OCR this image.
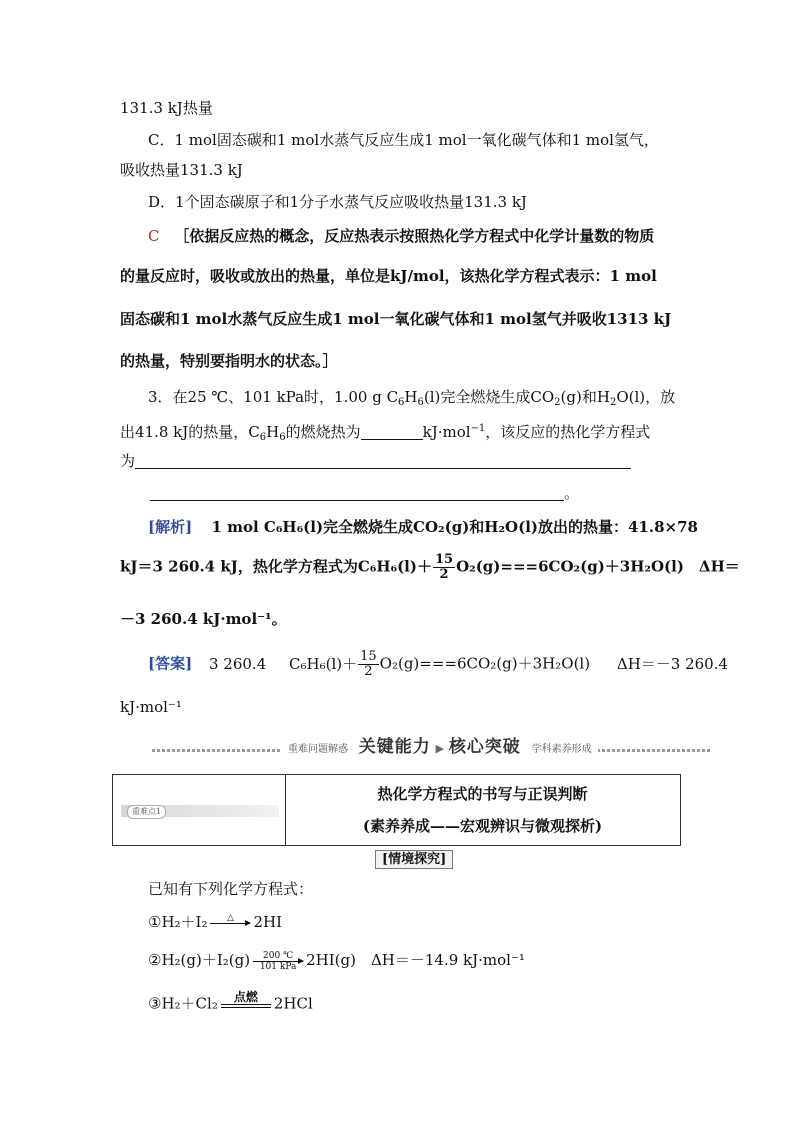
131.3 kJ热量
C．1 mol固态碳和1 mol水蒸气反应生成1 mol一氧化碳气体和1 mol氢气，
吸收热量131.3 kJ
D．1个固态碳原子和1分子水蒸气反应吸收热量131.3 kJ
C ［依据反应热的概念，反应热表示按照热化学方程式中化学计量数的物质
的量反应时，吸收或放出的热量，单位是kJ/mol，该热化学方程式表示：1 mol
固态碳和1 mol水蒸气反应生成1 mol一氧化碳气体和1 mol氢气并吸收1313 kJ
的热量，特别要指明水的状态。］
3．在25 ℃、101 kPa时，1.00 g $C_6H_6(l)$完全燃烧生成$CO_2(g)$和$H_2O(l)$，放
出41.8 kJ的热量，$C_6H_6$的燃烧热为	kJ·mol$^{-1}$，该反应的热化学方程式
为
。
[解析] 1 mol C₆H₆(l)完全燃烧生成CO₂(g)和H₂O(l)放出的热量：41.8×78
kJ＝3 260.4 kJ，热化学方程式为$C_6H_6(l)+ \frac{15}{2} O_2(g)===6CO_2(g)+3H_2O(l)$　ΔH＝
－3 260.4 kJ·mol⁻¹。
[答案] 3 260.4 $C_6H_6(l)+ \frac{15}{2} O_2(g)===6CO_2(g)+3H_2O(l)$ ΔH＝－3 260.4
kJ·mol⁻¹
重难问题解惑 关键能力 ▶ 核心突破 学科素养形成
重难点1
热化学方程式的书写与正误判断
(素养养成——宏观辨识与微观探析)
[情境探究]
已知有下列化学方程式：
①H₂＋I₂	△
	2HI
②H₂(g)＋I₂(g)	200 ℃
101 kPa 2HI(g)　ΔH＝－14.9 kJ·mol⁻¹
③H₂＋Cl₂	点燃
	2HCl
